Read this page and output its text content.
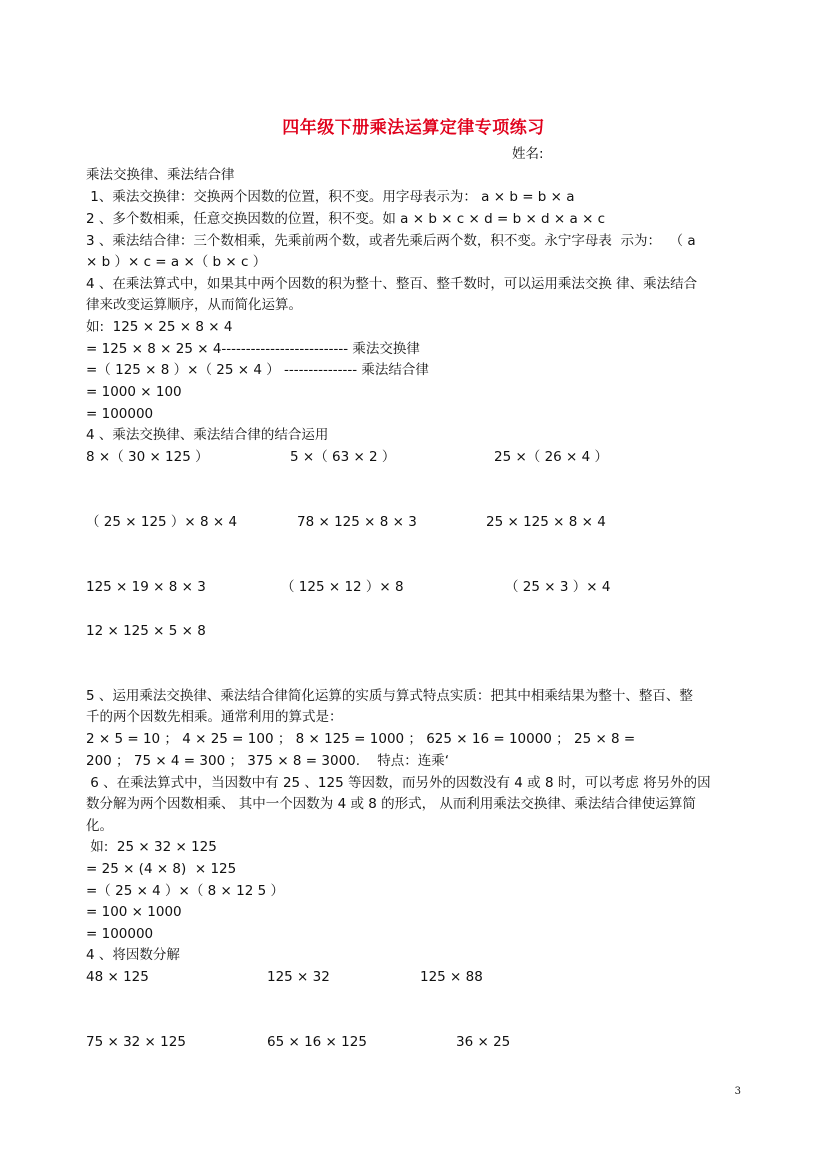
四年级下册乘法运算定律专项练习

姓名:

乘法交换律、乘法结合律

1、乘法交换律：交换两个因数的位置，积不变。用字母表示为： a × b = b × a

2 、多个数相乘，任意交换因数的位置，积不变。如 a × b × c × d = b × d × a × c

3 、乘法结合律：三个数相乘，先乘前两个数，或者先乘后两个数，积不变。永宁字母表  示为：  （ a

× b ）× c = a ×（ b × c ）

4 、在乘法算式中，如果其中两个因数的积为整十、整百、整千数时，可以运用乘法交换 律、乘法结合

律来改变运算顺序，从而简化运算。

如:  125 × 25 × 8 × 4

= 125 × 8 × 25 × 4-------------------------- 乘法交换律

=（ 125 × 8 ）×（ 25 × 4 ） --------------- 乘法结合律

= 1000 × 100

= 100000

4 、乘法交换律、乘法结合律的结合运用

8 ×（ 30 × 125 ）	5 ×（ 63 × 2 ）	25 ×（ 26 × 4 ）

（ 25 × 125 ）× 8 × 4	78 × 125 × 8 × 3	25 × 125 × 8 × 4

125 × 19 × 8 × 3	（ 125 × 12 ）× 8	（ 25 × 3 ）× 4

12 × 125 × 5 × 8

5 、运用乘法交换律、乘法结合律简化运算的实质与算式特点实质：把其中相乘结果为整十、整百、整

千的两个因数先相乘。通常利用的算式是：

2 × 5 = 10 ； 4 × 25 = 100 ； 8 × 125 = 1000 ； 625 × 16 = 10000 ； 25 × 8 =

200 ； 75 × 4 = 300 ； 375 × 8 = 3000.    特点：连乘‘

6 、在乘法算式中，当因数中有 25 、125 等因数，而另外的因数没有 4 或 8 时，可以考虑 将另外的因

数分解为两个因数相乘、 其中一个因数为 4 或 8 的形式， 从而利用乘法交换律、乘法结合律使运算简

化。

如:  25 × 32 × 125

= 25 × (4 × 8)  × 125

=（ 25 × 4 ）×（ 8 × 12 5 ）

= 100 × 1000

= 100000

4 、将因数分解

48 × 125	125 × 32	125 × 88

75 × 32 × 125	65 × 16 × 125	36 × 25

3
